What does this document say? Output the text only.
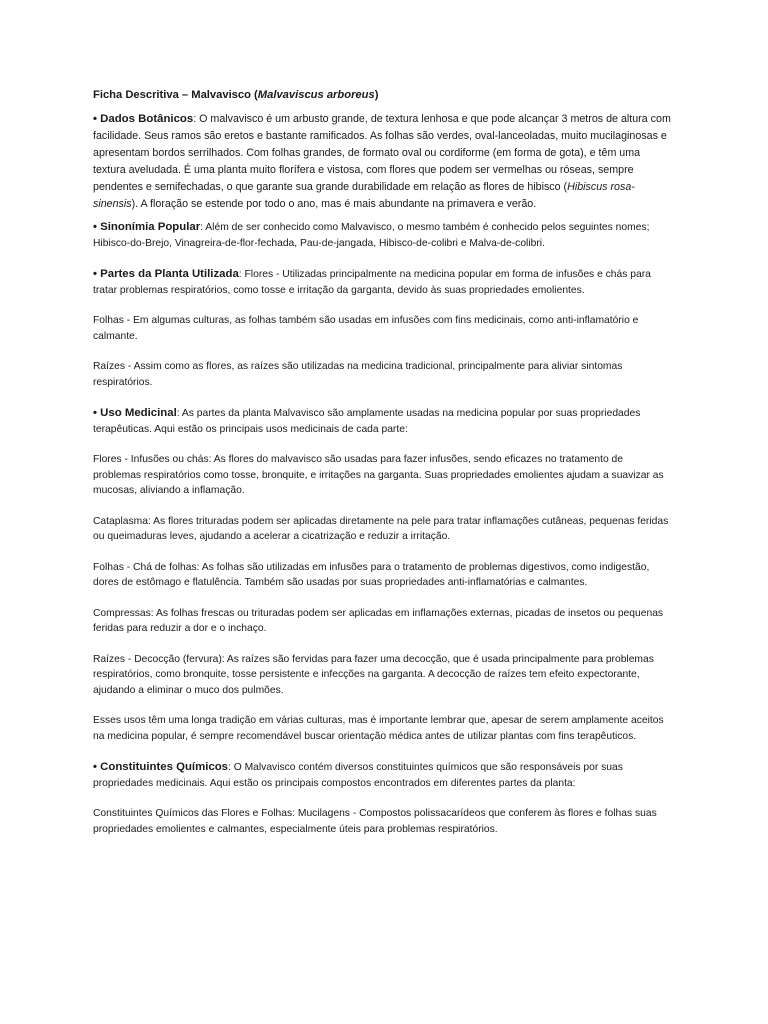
Ficha Descritiva – Malvavisco (Malvaviscus arboreus)

• Dados Botânicos: O malvavisco é um arbusto grande, de textura lenhosa e que pode alcançar 3 metros de altura com facilidade. Seus ramos são eretos e bastante ramificados. As folhas são verdes, oval-lanceoladas, muito mucilaginosas e apresentam bordos serrilhados. Com folhas grandes, de formato oval ou cordiforme (em forma de gota), e têm uma textura aveludada. É uma planta muito florífera e vistosa, com flores que podem ser vermelhas ou róseas, sempre pendentes e semifechadas, o que garante sua grande durabilidade em relação as flores de hibisco (Hibiscus rosa-sinensis). A floração se estende por todo o ano, mas é mais abundante na primavera e verão.

• Sinonímia Popular: Além de ser conhecido como Malvavisco, o mesmo também é conhecido pelos seguintes nomes; Hibisco-do-Brejo, Vinagreira-de-flor-fechada, Pau-de-jangada, Hibisco-de-colibri e Malva-de-colibri.

• Partes da Planta Utilizada: Flores - Utilizadas principalmente na medicina popular em forma de infusões e chás para tratar problemas respiratórios, como tosse e irritação da garganta, devido às suas propriedades emolientes.

Folhas - Em algumas culturas, as folhas também são usadas em infusões com fins medicinais, como anti-inflamatório e calmante.

Raízes - Assim como as flores, as raízes são utilizadas na medicina tradicional, principalmente para aliviar sintomas respiratórios.

• Uso Medicinal: As partes da planta Malvavisco são amplamente usadas na medicina popular por suas propriedades terapêuticas. Aqui estão os principais usos medicinais de cada parte:

Flores - Infusões ou chás: As flores do malvavisco são usadas para fazer infusões, sendo eficazes no tratamento de problemas respiratórios como tosse, bronquite, e irritações na garganta. Suas propriedades emolientes ajudam a suavizar as mucosas, aliviando a inflamação.

Cataplasma: As flores trituradas podem ser aplicadas diretamente na pele para tratar inflamações cutâneas, pequenas feridas ou queimaduras leves, ajudando a acelerar a cicatrização e reduzir a irritação.

Folhas - Chá de folhas: As folhas são utilizadas em infusões para o tratamento de problemas digestivos, como indigestão, dores de estômago e flatulência. Também são usadas por suas propriedades anti-inflamatórias e calmantes.

Compressas: As folhas frescas ou trituradas podem ser aplicadas em inflamações externas, picadas de insetos ou pequenas feridas para reduzir a dor e o inchaço.

Raízes - Decocção (fervura): As raízes são fervidas para fazer uma decocção, que é usada principalmente para problemas respiratórios, como bronquite, tosse persistente e infecções na garganta. A decocção de raízes tem efeito expectorante, ajudando a eliminar o muco dos pulmões.

Esses usos têm uma longa tradição em várias culturas, mas é importante lembrar que, apesar de serem amplamente aceitos na medicina popular, é sempre recomendável buscar orientação médica antes de utilizar plantas com fins terapêuticos.

• Constituintes Químicos: O Malvavisco contém diversos constituintes químicos que são responsáveis por suas propriedades medicinais. Aqui estão os principais compostos encontrados em diferentes partes da planta:

Constituintes Químicos das Flores e Folhas: Mucilagens - Compostos polissacarídeos que conferem às flores e folhas suas propriedades emolientes e calmantes, especialmente úteis para problemas respiratórios.
